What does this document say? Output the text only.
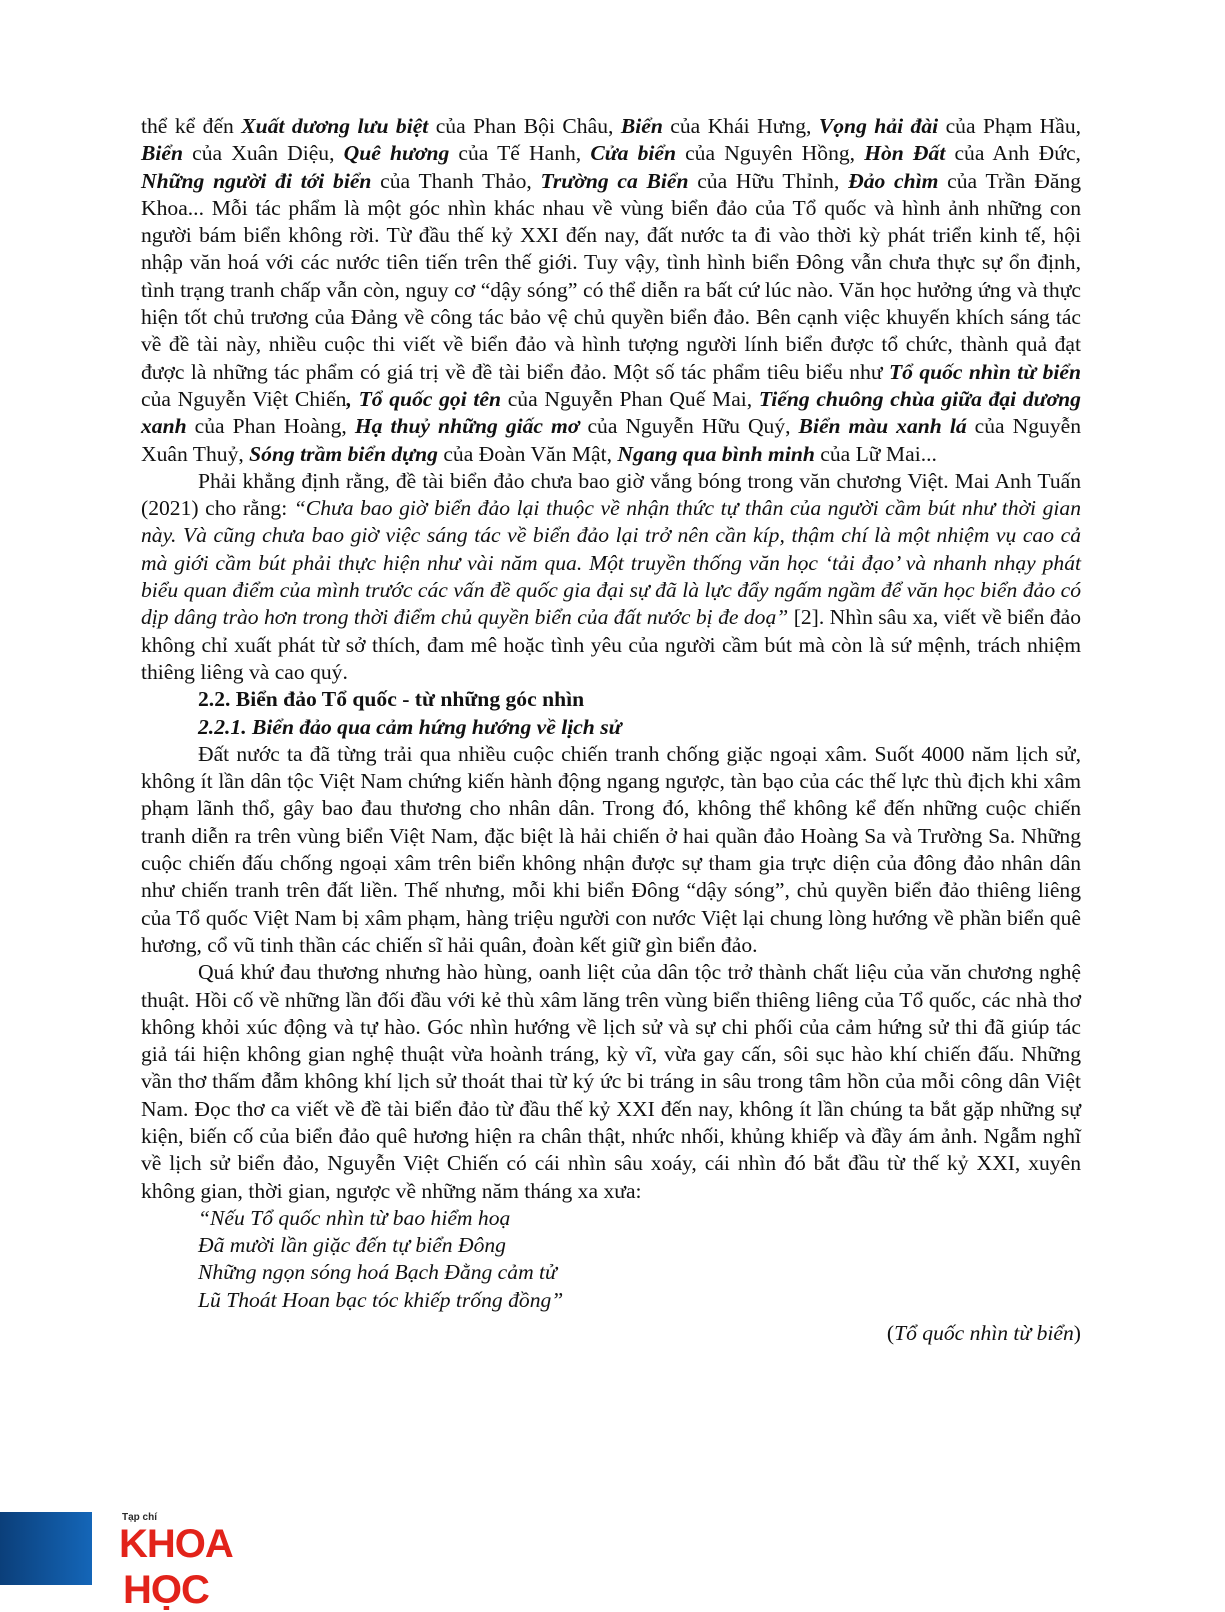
thể kể đến Xuất dương lưu biệt của Phan Bội Châu, Biển của Khái Hưng, Vọng hải đài của Phạm Hầu, Biển của Xuân Diệu, Quê hương của Tế Hanh, Cửa biển của Nguyên Hồng, Hòn Đất của Anh Đức, Những người đi tới biển của Thanh Thảo, Trường ca Biển của Hữu Thỉnh, Đảo chìm của Trần Đăng Khoa... Mỗi tác phẩm là một góc nhìn khác nhau về vùng biển đảo của Tổ quốc và hình ảnh những con người bám biển không rời. Từ đầu thế kỷ XXI đến nay, đất nước ta đi vào thời kỳ phát triển kinh tế, hội nhập văn hoá với các nước tiên tiến trên thế giới. Tuy vậy, tình hình biển Đông vẫn chưa thực sự ổn định, tình trạng tranh chấp vẫn còn, nguy cơ “dậy sóng” có thể diễn ra bất cứ lúc nào. Văn học hưởng ứng và thực hiện tốt chủ trương của Đảng về công tác bảo vệ chủ quyền biển đảo. Bên cạnh việc khuyến khích sáng tác về đề tài này, nhiều cuộc thi viết về biển đảo và hình tượng người lính biển được tổ chức, thành quả đạt được là những tác phẩm có giá trị về đề tài biển đảo. Một số tác phẩm tiêu biểu như Tổ quốc nhìn từ biển của Nguyễn Việt Chiến, Tổ quốc gọi tên của Nguyễn Phan Quế Mai, Tiếng chuông chùa giữa đại dương xanh của Phan Hoàng, Hạ thuỷ những giấc mơ của Nguyễn Hữu Quý, Biển màu xanh lá của Nguyễn Xuân Thuỷ, Sóng trầm biển dựng của Đoàn Văn Mật, Ngang qua bình minh của Lữ Mai...

Phải khẳng định rằng, đề tài biển đảo chưa bao giờ vắng bóng trong văn chương Việt. Mai Anh Tuấn (2021) cho rằng: “Chưa bao giờ biển đảo lại thuộc về nhận thức tự thân của người cầm bút như thời gian này. Và cũng chưa bao giờ việc sáng tác về biển đảo lại trở nên cần kíp, thậm chí là một nhiệm vụ cao cả mà giới cầm bút phải thực hiện như vài năm qua. Một truyền thống văn học ‘tải đạo’ và nhanh nhạy phát biểu quan điểm của mình trước các vấn đề quốc gia đại sự đã là lực đẩy ngấm ngầm để văn học biển đảo có dịp dâng trào hơn trong thời điểm chủ quyền biển của đất nước bị đe doạ” [2]. Nhìn sâu xa, viết về biển đảo không chỉ xuất phát từ sở thích, đam mê hoặc tình yêu của người cầm bút mà còn là sứ mệnh, trách nhiệm thiêng liêng và cao quý.

2.2. Biển đảo Tổ quốc - từ những góc nhìn

2.2.1. Biển đảo qua cảm hứng hướng về lịch sử

Đất nước ta đã từng trải qua nhiều cuộc chiến tranh chống giặc ngoại xâm. Suốt 4000 năm lịch sử, không ít lần dân tộc Việt Nam chứng kiến hành động ngang ngược, tàn bạo của các thế lực thù địch khi xâm phạm lãnh thổ, gây bao đau thương cho nhân dân. Trong đó, không thể không kể đến những cuộc chiến tranh diễn ra trên vùng biển Việt Nam, đặc biệt là hải chiến ở hai quần đảo Hoàng Sa và Trường Sa. Những cuộc chiến đấu chống ngoại xâm trên biển không nhận được sự tham gia trực diện của đông đảo nhân dân như chiến tranh trên đất liền. Thế nhưng, mỗi khi biển Đông “dậy sóng”, chủ quyền biển đảo thiêng liêng của Tổ quốc Việt Nam bị xâm phạm, hàng triệu người con nước Việt lại chung lòng hướng về phần biển quê hương, cổ vũ tinh thần các chiến sĩ hải quân, đoàn kết giữ gìn biển đảo.

Quá khứ đau thương nhưng hào hùng, oanh liệt của dân tộc trở thành chất liệu của văn chương nghệ thuật. Hồi cố về những lần đối đầu với kẻ thù xâm lăng trên vùng biển thiêng liêng của Tổ quốc, các nhà thơ không khỏi xúc động và tự hào. Góc nhìn hướng về lịch sử và sự chi phối của cảm hứng sử thi đã giúp tác giả tái hiện không gian nghệ thuật vừa hoành tráng, kỳ vĩ, vừa gay cấn, sôi sục hào khí chiến đấu. Những vần thơ thấm đẫm không khí lịch sử thoát thai từ ký ức bi tráng in sâu trong tâm hồn của mỗi công dân Việt Nam. Đọc thơ ca viết về đề tài biển đảo từ đầu thế kỷ XXI đến nay, không ít lần chúng ta bắt gặp những sự kiện, biến cố của biển đảo quê hương hiện ra chân thật, nhức nhối, khủng khiếp và đầy ám ảnh. Ngẫm nghĩ về lịch sử biển đảo, Nguyễn Việt Chiến có cái nhìn sâu xoáy, cái nhìn đó bắt đầu từ thế kỷ XXI, xuyên không gian, thời gian, ngược về những năm tháng xa xưa:

“Nếu Tổ quốc nhìn từ bao hiểm hoạ

Đã mười lần giặc đến tự biển Đông

Những ngọn sóng hoá Bạch Đằng cảm tử

Lũ Thoát Hoan bạc tóc khiếp trống đồng”

(Tổ quốc nhìn từ biển)

Tạp chí
KHOA
HỌC
